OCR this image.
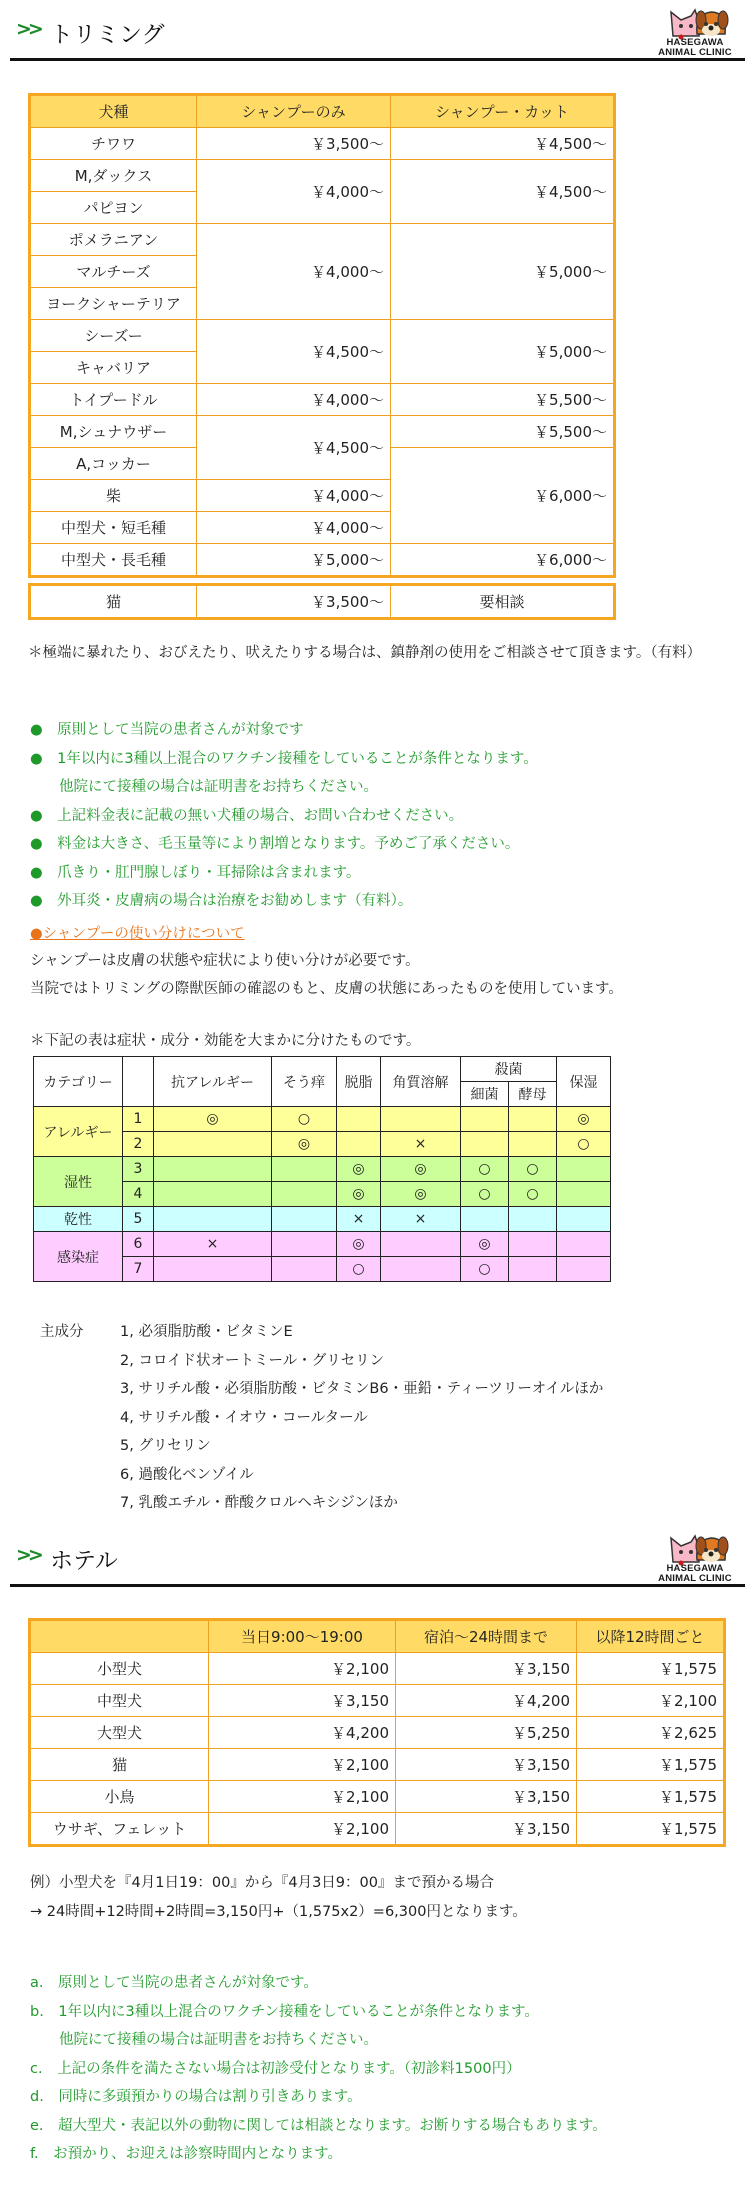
>> トリミング	HASEGAWA
ANIMAL CLINIC
犬種	シャンプーのみ	シャンプー・カット
チワワ	￥3,500～	￥4,500～
M,ダックス	￥4,000～	￥4,500～
パピヨン		
ポメラニアン	￥4,000～	￥5,000～
マルチーズ		
ヨークシャーテリア		
シーズー	￥4,500～	￥5,000～
キャバリア		
トイプードル	￥4,000～	￥5,500～
M,シュナウザー	￥4,500～	￥5,500～
A,コッカー		￥6,000～
柴	￥4,000～	
中型犬・短毛種	￥4,000～	
中型犬・長毛種	￥5,000～	￥6,000～
猫	￥3,500～	要相談
＊極端に暴れたり、おびえたり、吠えたりする場合は、鎮静剤の使用をご相談させて頂きます。（有料）
●　原則として当院の患者さんが対象です
●　1年以内に3種以上混合のワクチン接種をしていることが条件となります。
　　他院にて接種の場合は証明書をお持ちください。
●　上記料金表に記載の無い犬種の場合、お問い合わせください。
●　料金は大きさ、毛玉量等により割増となります。予めご了承ください。
●　爪きり・肛門腺しぼり・耳掃除は含まれます。
●　外耳炎・皮膚病の場合は治療をお勧めします（有料）。
●シャンプーの使い分けについて
シャンプーは皮膚の状態や症状により使い分けが必要です。
当院ではトリミングの際獣医師の確認のもと、皮膚の状態にあったものを使用しています。
＊下記の表は症状・成分・効能を大まかに分けたものです。
カテゴリー		抗アレルギー	そう痒	脱脂	角質溶解	殺菌		保湿
						細菌	酵母	
アレルギー	1	◎	○					◎
	2		◎		×			○
湿性	3			◎	◎	○	○	
	4			◎	◎	○	○	
乾性	5			×	×			
感染症	6	×		◎		◎		
	7			○		○		
主成分	1, 必須脂肪酸・ビタミンE
2, コロイド状オートミール・グリセリン
3, サリチル酸・必須脂肪酸・ビタミンB6・亜鉛・ティーツリーオイルほか
4, サリチル酸・イオウ・コールタール
5, グリセリン
6, 過酸化ベンゾイル
7, 乳酸エチル・酢酸クロルヘキシジンほか
>> ホテル	HASEGAWA
ANIMAL CLINIC
	当日9:00～19:00	宿泊～24時間まで	以降12時間ごと
小型犬	￥2,100	￥3,150	￥1,575
中型犬	￥3,150	￥4,200	￥2,100
大型犬	￥4,200	￥5,250	￥2,625
猫	￥2,100	￥3,150	￥1,575
小鳥	￥2,100	￥3,150	￥1,575
ウサギ、フェレット	￥2,100	￥3,150	￥1,575
例）小型犬を『4月1日19：00』から『4月3日9：00』まで預かる場合
→ 24時間+12時間+2時間=3,150円+（1,575x2）=6,300円となります。
a.　原則として当院の患者さんが対象です。
b.　1年以内に3種以上混合のワクチン接種をしていることが条件となります。
　　他院にて接種の場合は証明書をお持ちください。
c.　上記の条件を満たさない場合は初診受付となります。（初診料1500円）
d.　同時に多頭預かりの場合は割り引きあります。
e.　超大型犬・表記以外の動物に関しては相談となります。お断りする場合もあります。
f.　お預かり、お迎えは診察時間内となります。
